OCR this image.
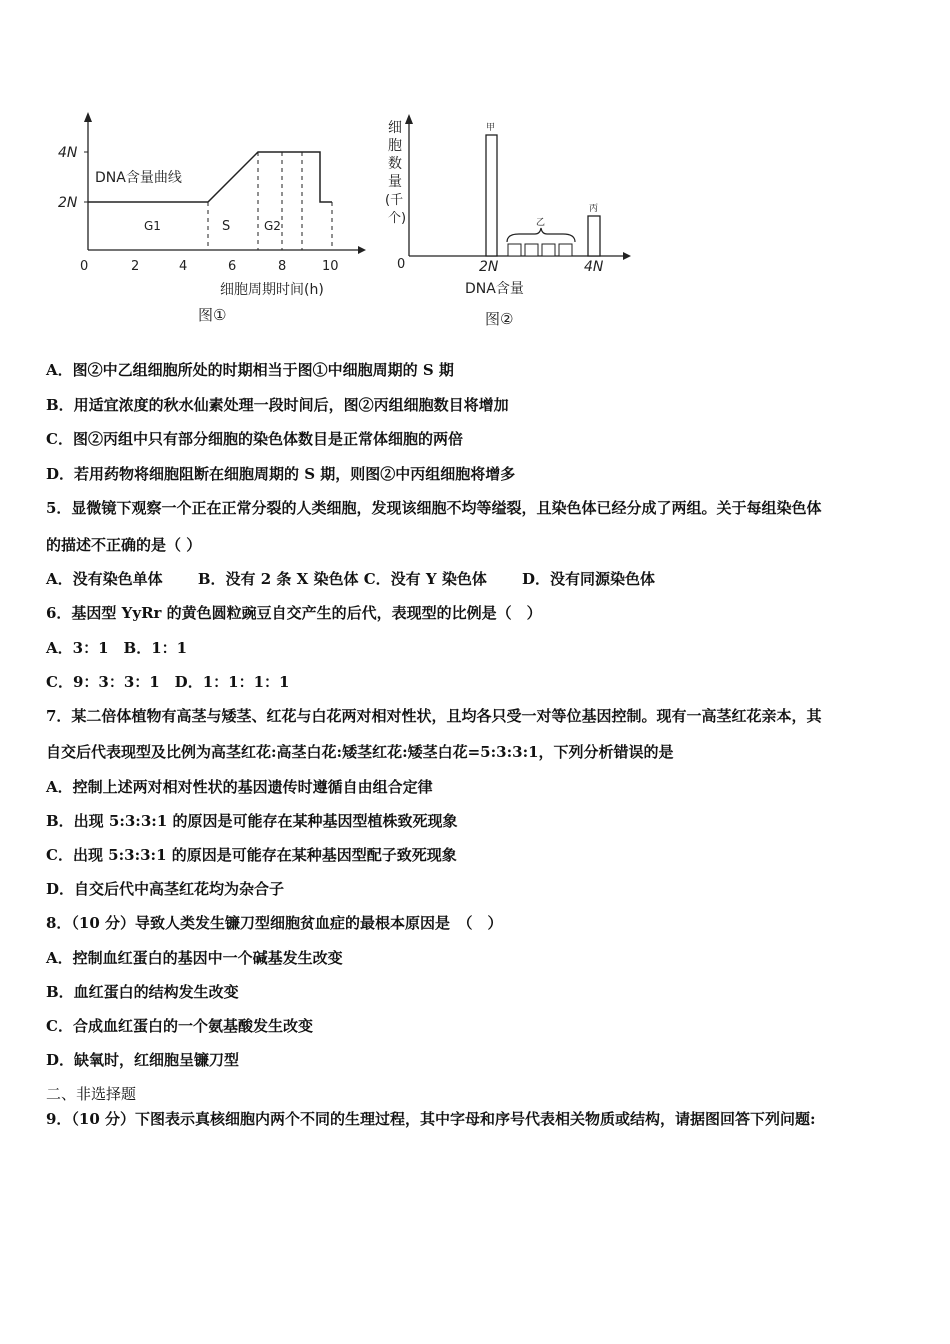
4N
2N
DNA含量曲线
G1	S	G2
0	2	4	6	8	10
细胞周期时间(h)
图①
细
胞
数
量
(千
个)
甲
乙
丙
0	2N	4N
DNA含量
图②
A．图②中乙组细胞所处的时期相当于图①中细胞周期的 S 期
B．用适宜浓度的秋水仙素处理一段时间后，图②丙组细胞数目将增加
C．图②丙组中只有部分细胞的染色体数目是正常体细胞的两倍
D．若用药物将细胞阻断在细胞周期的 S 期，则图②中丙组细胞将增多
5．显微镜下观察一个正在正常分裂的人类细胞，发现该细胞不均等缢裂，且染色体已经分成了两组。关于每组染色体
的描述不正确的是（ ）
A．没有染色单体　　 B．没有 2 条 X 染色体 C．没有 Y 染色体　　 D．没有同源染色体
6．基因型 YyRr 的黄色圆粒豌豆自交产生的后代，表现型的比例是（　）
A．3：1　B．1：1
C．9：3：3：1　D．1：1：1：1
7．某二倍体植物有高茎与矮茎、红花与白花两对相对性状，且均各只受一对等位基因控制。现有一高茎红花亲本，其
自交后代表现型及比例为高茎红花:高茎白花:矮茎红花:矮茎白花=5:3:3:1，下列分析错误的是
A．控制上述两对相对性状的基因遗传时遵循自由组合定律
B．出现 5:3:3:1 的原因是可能存在某种基因型植株致死现象
C．出现 5:3:3:1 的原因是可能存在某种基因型配子致死现象
D．自交后代中高茎红花均为杂合子
8．（10 分）导致人类发生镰刀型细胞贫血症的最根本原因是　（　）
A．控制血红蛋白的基因中一个碱基发生改变
B．血红蛋白的结构发生改变
C．合成血红蛋白的一个氨基酸发生改变
D．缺氧时，红细胞呈镰刀型
二、非选择题
9．（10 分）下图表示真核细胞内两个不同的生理过程，其中字母和序号代表相关物质或结构，请据图回答下列问题:
